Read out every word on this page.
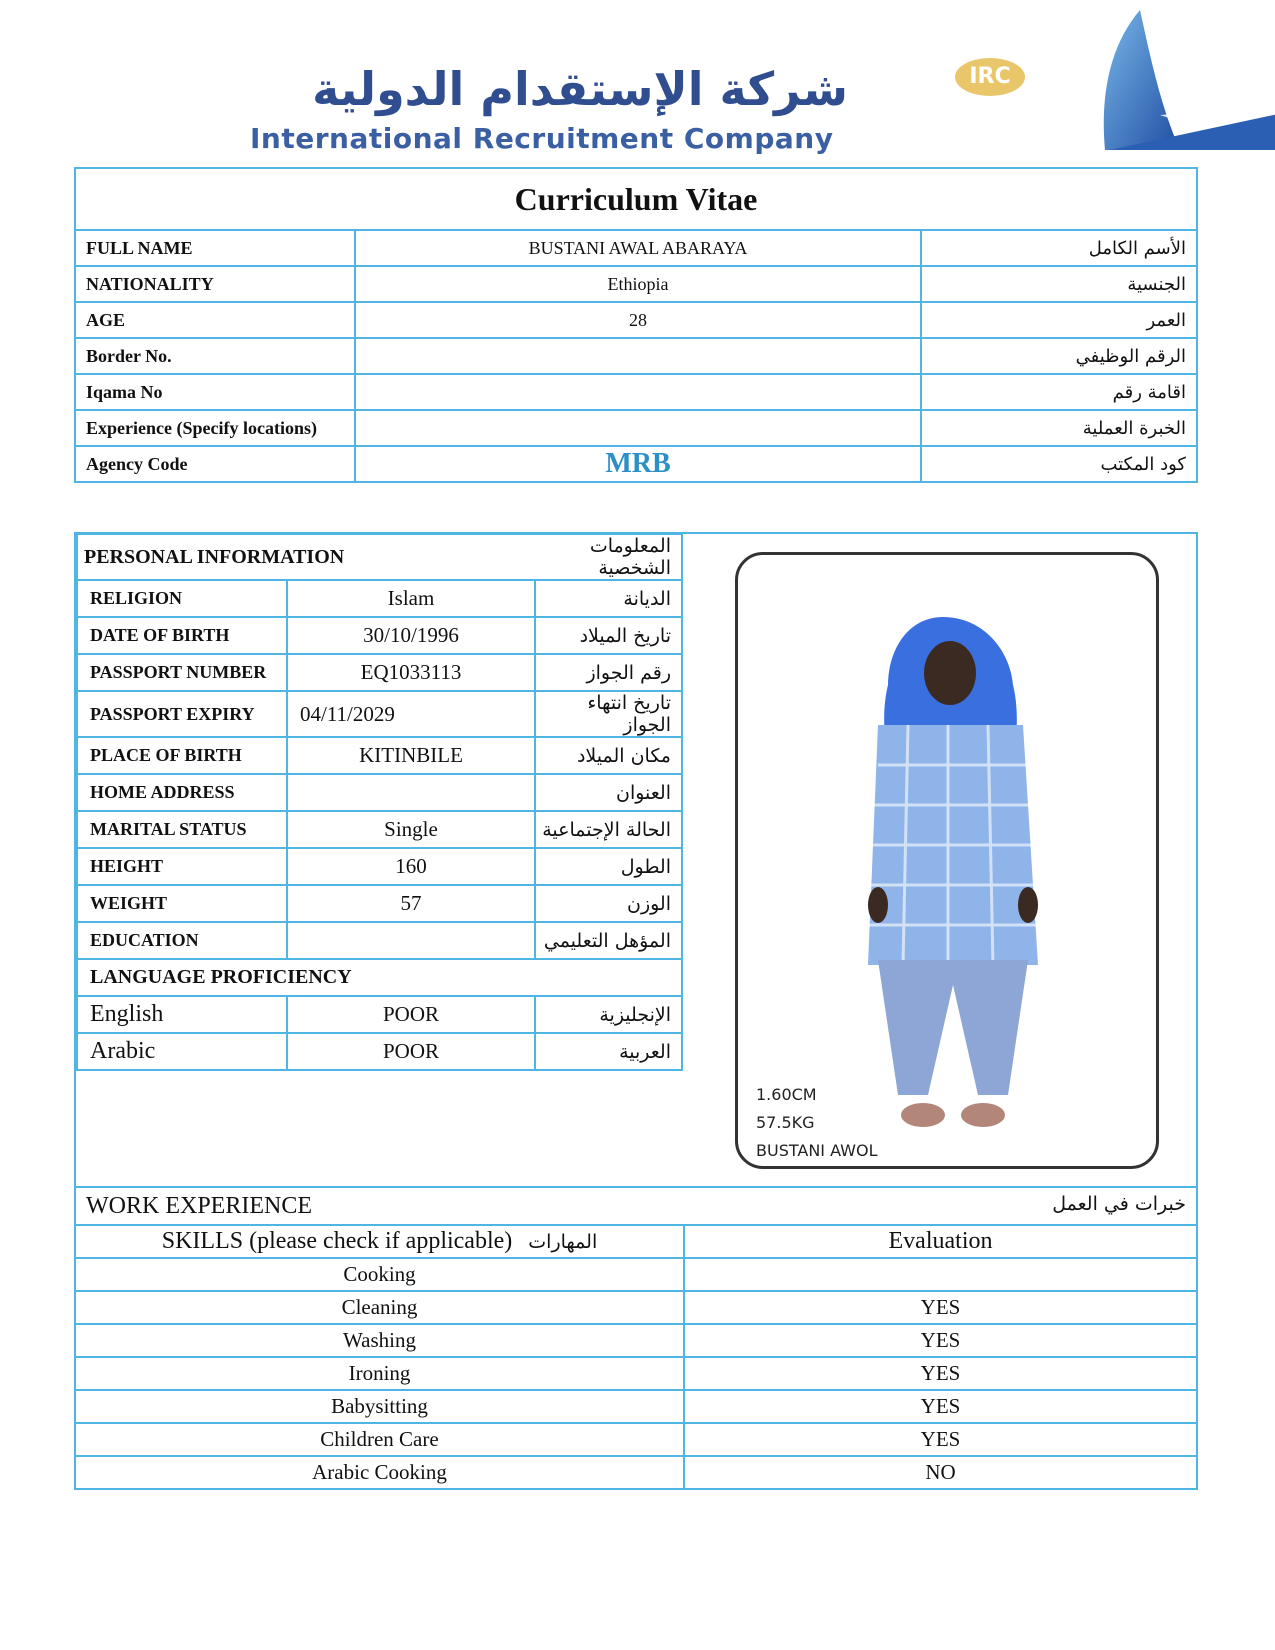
شركة الإستقدام الدولية
International Recruitment Company
IRC
Curriculum Vitae		
FULL NAME	BUSTANI AWAL ABARAYA	الأسم الكامل
NATIONALITY	Ethiopia	الجنسية
AGE	28	العمر
Border No.		الرقم الوظيفي
Iqama No		اقامة رقم
Experience (Specify locations)		الخبرة العملية
Agency Code	MRB	كود المكتب
PERSONAL INFORMATION		المعلومات الشخصية
RELIGION	Islam	الديانة
DATE OF BIRTH	30/10/1996	تاريخ الميلاد
PASSPORT NUMBER	EQ1033113	رقم الجواز
PASSPORT EXPIRY	04/11/2029	تاريخ انتهاء الجواز
PLACE OF BIRTH	KITINBILE	مكان الميلاد
HOME ADDRESS		العنوان
MARITAL STATUS	Single	الحالة الإجتماعية
HEIGHT	160	الطول
WEIGHT	57	الوزن
EDUCATION		المؤهل التعليمي
LANGUAGE PROFICIENCY		
English	POOR	الإنجليزية
Arabic	POOR	العربية
1.60CM
57.5KG
BUSTANI AWOL
WORK EXPERIENCE خبرات في العمل	

SKILLS (please check if applicable) المهارات	Evaluation
Cooking	
Cleaning	YES
Washing	YES
Ironing	YES
Babysitting	YES
Children Care	YES
Arabic Cooking	NO
